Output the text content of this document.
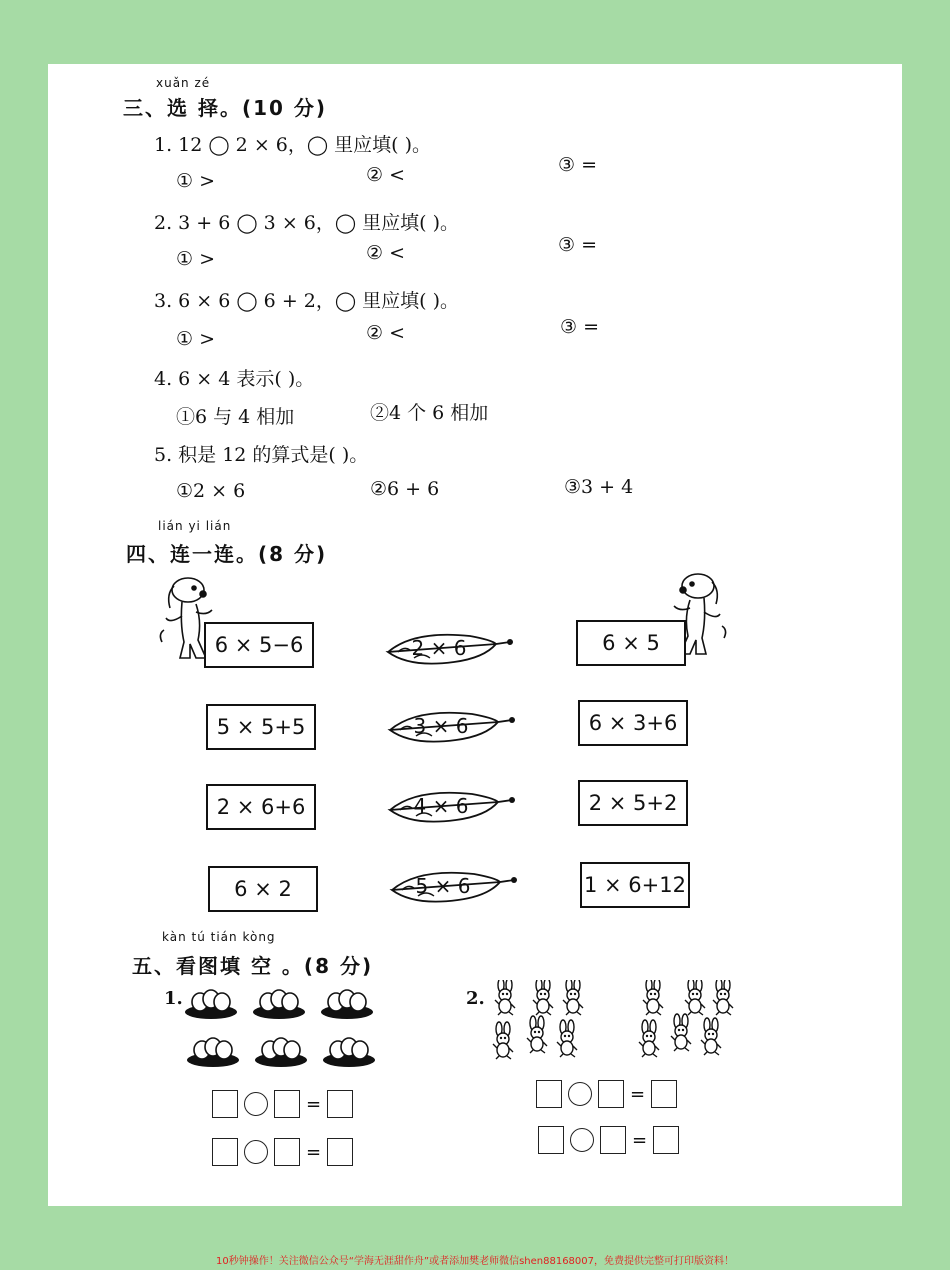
xuǎn zé
三、选 择。(10 分)
1. 12 ◯ 2 × 6，◯ 里应填( )。
① >	② <	③ =
2. 3 + 6 ◯ 3 × 6，◯ 里应填( )。
① >	② <	③ =
3. 6 × 6 ◯ 6 + 2，◯ 里应填( )。
① >	② <	③ =
4. 6 × 4 表示( )。
①6 与 4 相加	②4 个 6 相加
5. 积是 12 的算式是( )。
①2 × 6	②6 + 6	③3 + 4
lián yi lián
四、连一连。(8 分)
6 × 5−6
5 × 5+5
2 × 6+6
6 × 2
2 × 6
3 × 6
4 × 6
5 × 6
6 × 5
6 × 3+6
2 × 5+2
1 × 6+12
kàn tú tián kòng
五、看图填 空 。(8 分)
1.
=
=
2.
=
=
10秒钟操作！关注微信公众号“学海无涯甜作舟”或者添加樊老师微信shen88168007，免费提供完整可打印版资料！
